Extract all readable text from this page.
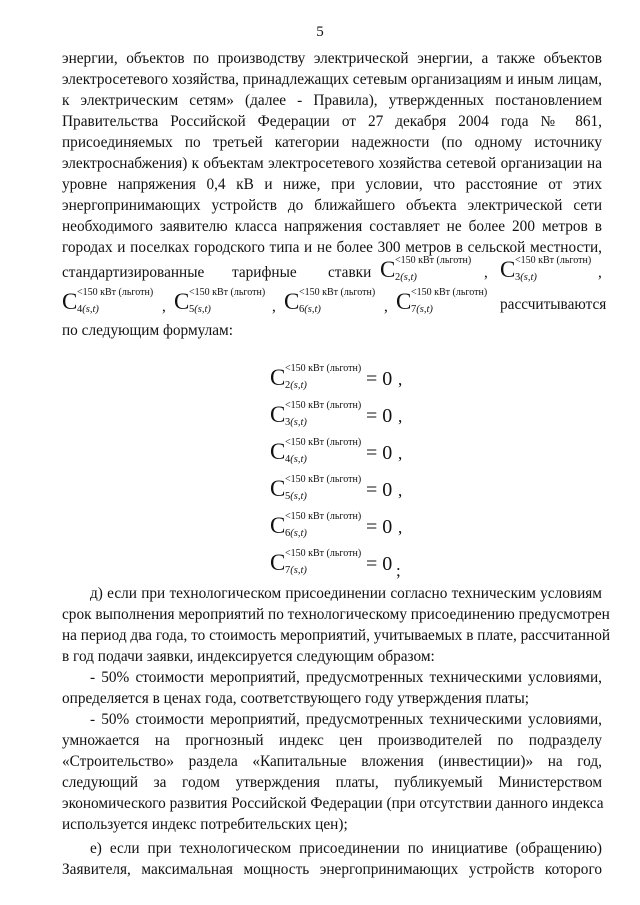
5
энергии, объектов по производству электрической энергии, а также объектов
электросетевого хозяйства, принадлежащих сетевым организациям и иным лицам,
к электрическим сетям» (далее - Правила), утвержденных постановлением
Правительства Российской Федерации от 27 декабря 2004 года № 861,
присоединяемых по третьей категории надежности (по одному источнику
электроснабжения) к объектам электросетевого хозяйства сетевой организации на
уровне напряжения 0,4 кВ и ниже, при условии, что расстояние от этих
энергопринимающих устройств до ближайшего объекта электрической сети
необходимого заявителю класса напряжения составляет не более 200 метров в
городах и поселках городского типа и не более 300 метров в сельской местности,
стандартизированные тарифные ставки C <150 кВт (льготн)
2(s,t)	, C <150 кВт (льготн)
3(s,t)	,
C <150 кВт (льготн)
4(s,t)	, C <150 кВт (льготн)
5(s,t)	, C <150 кВт (льготн)
6(s,t)	, C <150 кВт (льготн)
7(s,t)	рассчитываются
по следующим формулам:
C <150 кВт (льготн)
2(s,t)	= 0 ,
C <150 кВт (льготн)
3(s,t)	= 0 ,
C <150 кВт (льготн)
4(s,t)	= 0 ,
C <150 кВт (льготн)
5(s,t)	= 0 ,
C <150 кВт (льготн)
6(s,t)	= 0 ,
C <150 кВт (льготн)
7(s,t)	= 0 ;
д) если при технологическом присоединении согласно техническим условиям
срок выполнения мероприятий по технологическому присоединению предусмотрен
на период два года, то стоимость мероприятий, учитываемых в плате, рассчитанной
в год подачи заявки, индексируется следующим образом:
- 50% стоимости мероприятий, предусмотренных техническими условиями,
определяется в ценах года, соответствующего году утверждения платы;
- 50% стоимости мероприятий, предусмотренных техническими условиями,
умножается на прогнозный индекс цен производителей по подразделу
«Строительство» раздела «Капитальные вложения (инвестиции)» на год,
следующий за годом утверждения платы, публикуемый Министерством
экономического развития Российской Федерации (при отсутствии данного индекса
используется индекс потребительских цен);
е) если при технологическом присоединении по инициативе (обращению)
Заявителя, максимальная мощность энергопринимающих устройств которого
